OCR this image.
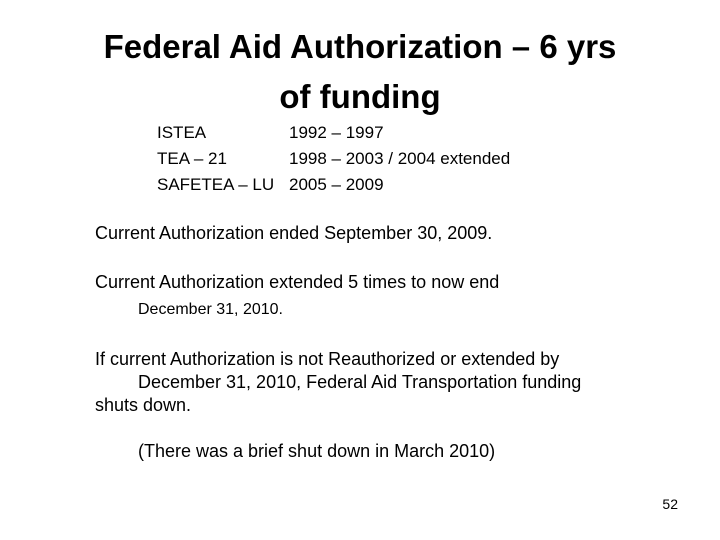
Federal Aid Authorization – 6 yrs
of funding
ISTEA	1992 – 1997
TEA – 21	1998 – 2003 / 2004 extended
SAFETEA – LU 2005 – 2009
Current Authorization ended September 30, 2009.
Current Authorization extended 5 times to now end
December 31, 2010.
If current Authorization is not Reauthorized or extended by
December 31, 2010, Federal Aid Transportation funding
shuts down.
(There was a brief shut down in March 2010)
52
